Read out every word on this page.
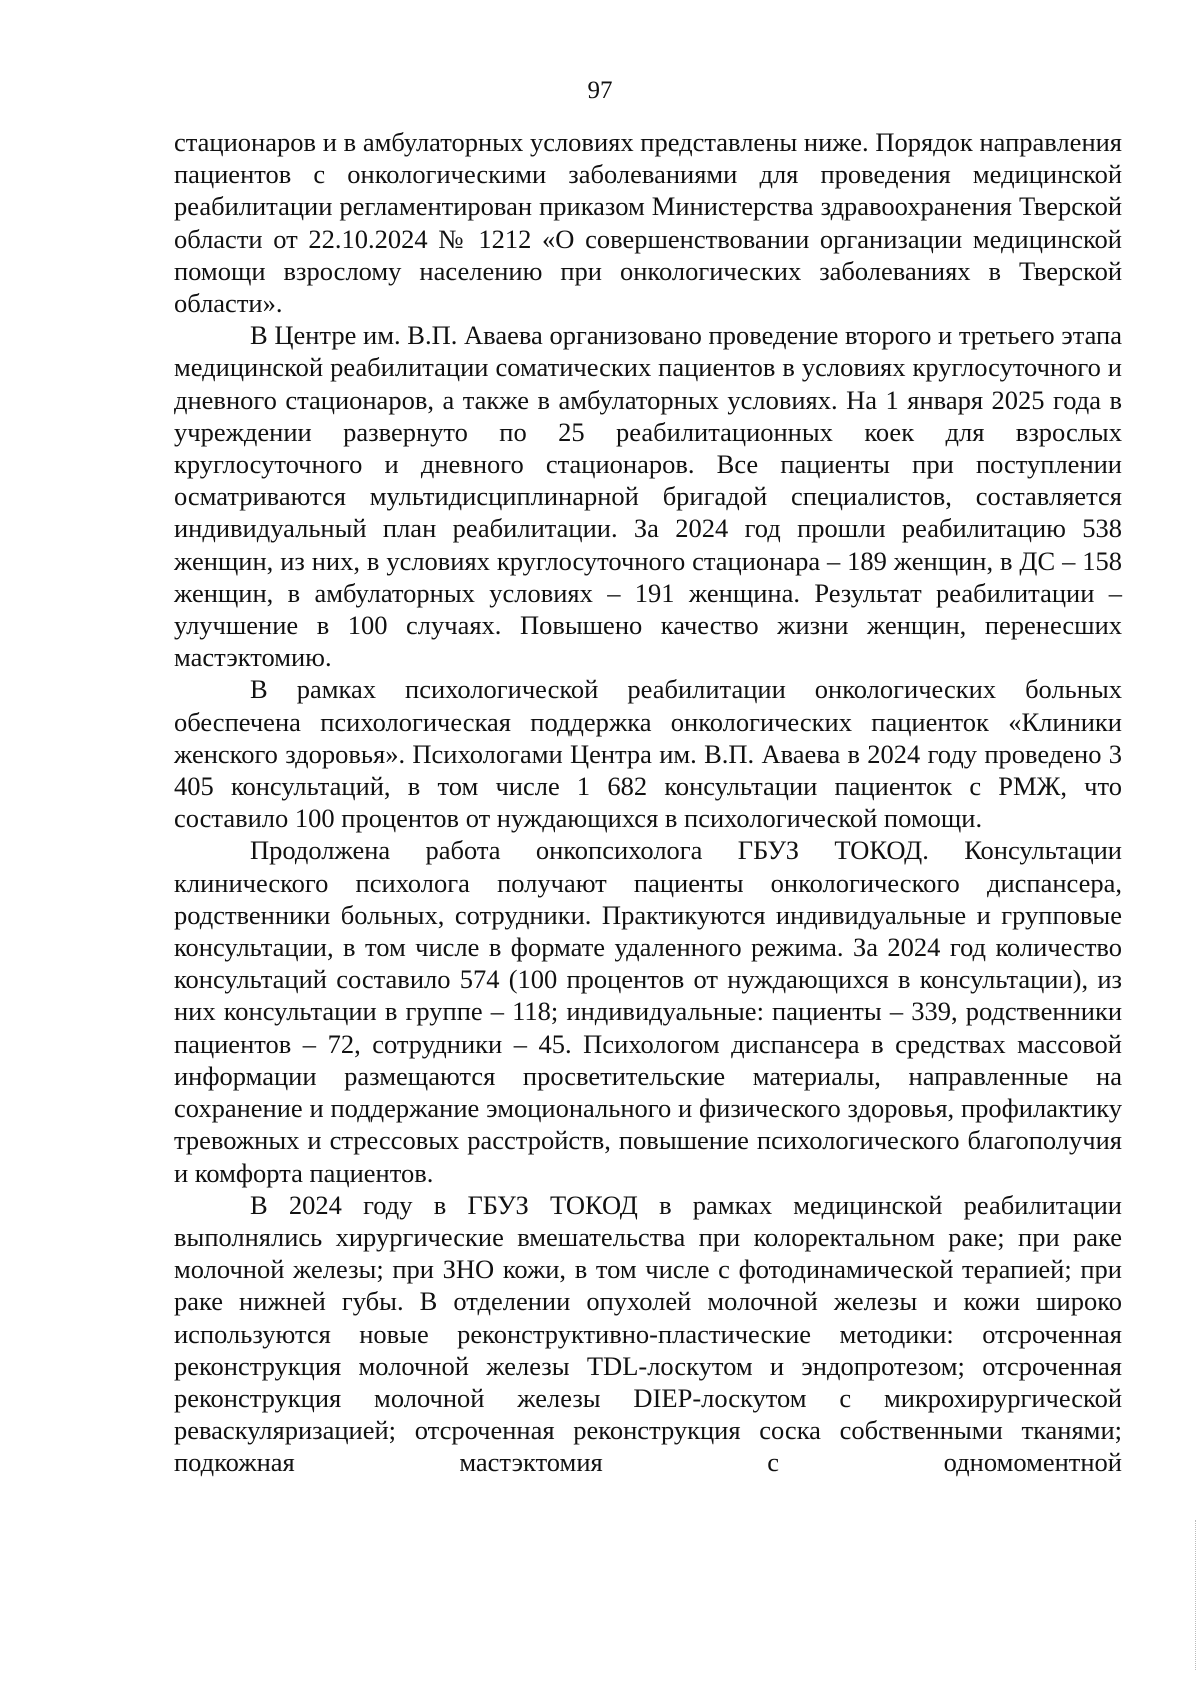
97

стационаров и в амбулаторных условиях представлены ниже. Порядок направления пациентов с онкологическими заболеваниями для проведения медицинской реабилитации регламентирован приказом Министерства здравоохранения Тверской области от 22.10.2024 № 1212 «О совершенствовании организации медицинской помощи взрослому населению при онкологических заболеваниях в Тверской области».

В Центре им. В.П. Аваева организовано проведение второго и третьего этапа медицинской реабилитации соматических пациентов в условиях круглосуточного и дневного стационаров, а также в амбулаторных условиях. На 1 января 2025 года в учреждении развернуто по 25 реабилитационных коек для взрослых круглосуточного и дневного стационаров. Все пациенты при поступлении осматриваются мультидисциплинарной бригадой специалистов, составляется индивидуальный план реабилитации. За 2024 год прошли реабилитацию 538 женщин, из них, в условиях круглосуточного стационара – 189 женщин, в ДС – 158 женщин, в амбулаторных условиях – 191 женщина. Результат реабилитации – улучшение в 100 случаях. Повышено качество жизни женщин, перенесших мастэктомию.

В рамках психологической реабилитации онкологических больных обеспечена психологическая поддержка онкологических пациенток «Клиники женского здоровья». Психологами Центра им. В.П. Аваева в 2024 году проведено 3 405 консультаций, в том числе 1 682 консультации пациенток с РМЖ, что составило 100 процентов от нуждающихся в психологической помощи.

Продолжена работа онкопсихолога ГБУЗ ТОКОД. Консультации клинического психолога получают пациенты онкологического диспансера, родственники больных, сотрудники. Практикуются индивидуальные и групповые консультации, в том числе в формате удаленного режима. За 2024 год количество консультаций составило 574 (100 процентов от нуждающихся в консультации), из них консультации в группе – 118; индивидуальные: пациенты – 339, родственники пациентов – 72, сотрудники – 45. Психологом диспансера в средствах массовой информации размещаются просветительские материалы, направленные на сохранение и поддержание эмоционального и физического здоровья, профилактику тревожных и стрессовых расстройств, повышение психологического благополучия и комфорта пациентов.

В 2024 году в ГБУЗ ТОКОД в рамках медицинской реабилитации выполнялись хирургические вмешательства при колоректальном раке; при раке молочной железы; при ЗНО кожи, в том числе с фотодинамической терапией; при раке нижней губы. В отделении опухолей молочной железы и кожи широко используются новые реконструктивно-пластические методики: отсроченная реконструкция молочной железы TDL-лоскутом и эндопротезом; отсроченная реконструкция молочной железы DIEP-лоскутом с микрохирургической реваскуляризацией; отсроченная реконструкция соска собственными тканями; подкожная мастэктомия с одномоментной
